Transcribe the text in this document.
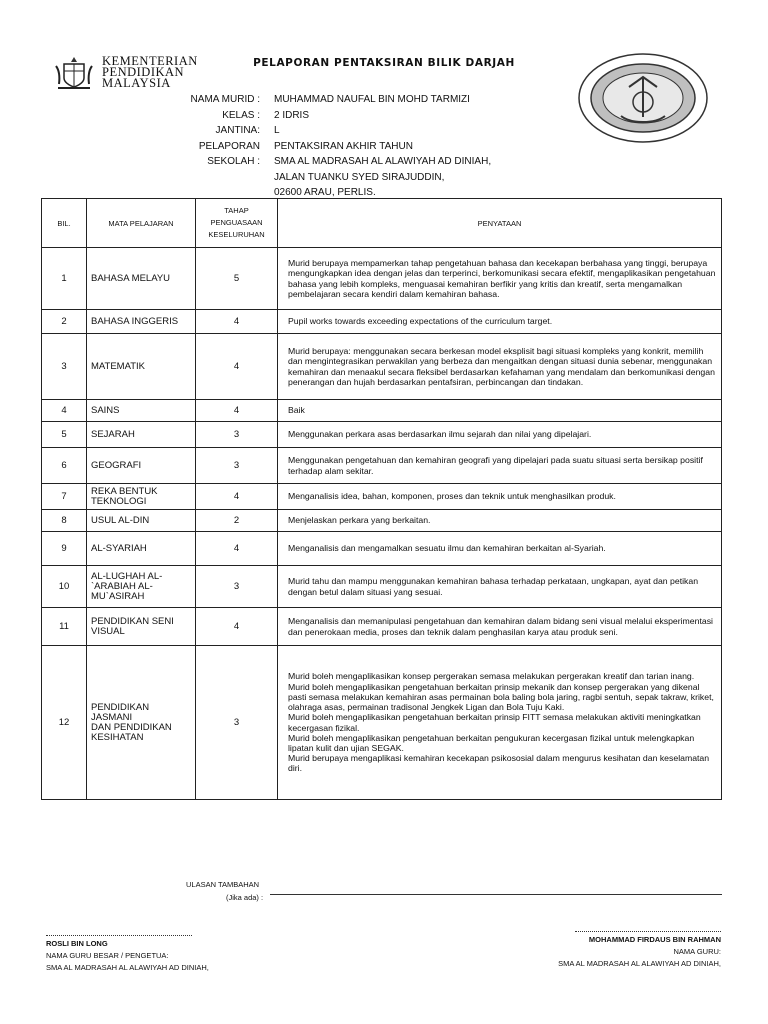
KEMENTERIAN
PENDIDIKAN
MALAYSIA
PELAPORAN PENTAKSIRAN BILIK DARJAH
NAMA MURID : MUHAMMAD NAUFAL BIN MOHD TARMIZI
KELAS : 2 IDRIS
JANTINA: L
PELAPORAN PENTAKSIRAN AKHIR TAHUN
SEKOLAH : SMA AL MADRASAH AL ALAWIYAH AD DINIAH,
JALAN TUANKU SYED SIRAJUDDIN,
02600 ARAU, PERLIS.
BIL.	MATA PELAJARAN	TAHAP
PENGUASAAN
KESELURUHAN	PENYATAAN
1	BAHASA MELAYU	5	Murid berupaya mempamerkan tahap pengetahuan bahasa dan kecekapan berbahasa yang tinggi, berupaya mengungkapkan idea dengan jelas dan terperinci, berkomunikasi secara efektif, mengaplikasikan pengetahuan bahasa yang lebih kompleks, menguasai kemahiran berfikir yang kritis dan kreatif, serta mengamalkan pembelajaran secara kendiri dalam kemahiran bahasa.
2	BAHASA INGGERIS	4	Pupil works towards exceeding expectations of the curriculum target.
3	MATEMATIK	4	Murid berupaya: menggunakan secara berkesan model eksplisit bagi situasi kompleks yang konkrit, memilih dan mengintegrasikan perwakilan yang berbeza dan mengaitkan dengan situasi dunia sebenar, menggunakan kemahiran dan menaakul secara fleksibel berdasarkan kefahaman yang mendalam dan berkomunikasi dengan penerangan dan hujah berdasarkan pentafsiran, perbincangan dan tindakan.
4	SAINS	4	Baik
5	SEJARAH	3	Menggunakan perkara asas berdasarkan ilmu sejarah dan nilai yang dipelajari.
6	GEOGRAFI	3	Menggunakan pengetahuan dan kemahiran geografi yang dipelajari pada suatu situasi serta bersikap positif terhadap alam sekitar.
7	REKA BENTUK TEKNOLOGI	4	Menganalisis idea, bahan, komponen, proses dan teknik untuk menghasilkan produk.
8	USUL AL-DIN	2	Menjelaskan perkara yang berkaitan.
9	AL-SYARIAH	4	Menganalisis dan mengamalkan sesuatu ilmu dan kemahiran berkaitan al-Syariah.
10	AL-LUGHAH AL-`ARABIAH AL-MU`ASIRAH	3	Murid tahu dan mampu menggunakan kemahiran bahasa terhadap perkataan, ungkapan, ayat dan petikan dengan betul dalam situasi yang sesuai.
11	PENDIDIKAN SENI VISUAL	4	Menganalisis dan memanipulasi pengetahuan dan kemahiran dalam bidang seni visual melalui eksperimentasi dan penerokaan media, proses dan teknik dalam penghasilan karya atau produk seni.
12	PENDIDIKAN JASMANI
DAN PENDIDIKAN KESIHATAN	3	Murid boleh mengaplikasikan konsep pergerakan semasa melakukan pergerakan kreatif dan tarian inang.
Murid boleh mengaplikasikan pengetahuan berkaitan prinsip mekanik dan konsep pergerakan yang dikenal pasti semasa melakukan kemahiran asas permainan bola baling bola jaring, ragbi sentuh, sepak takraw, kriket, olahraga asas, permainan tradisonal Jengkek Ligan dan Bola Tuju Kaki.
Murid boleh mengaplikasikan pengetahuan berkaitan prinsip FITT semasa melakukan aktiviti meningkatkan kecergasan fizikal.
Murid boleh mengaplikasikan pengetahuan berkaitan pengukuran kecergasan fizikal untuk melengkapkan lipatan kulit dan ujian SEGAK.
Murid berupaya mengaplikasi kemahiran kecekapan psikososial dalam mengurus kesihatan dan keselamatan diri.
ULASAN TAMBAHAN
(Jika ada) :
ROSLI BIN LONG
NAMA GURU BESAR / PENGETUA:
SMA AL MADRASAH AL ALAWIYAH AD DINIAH,
MOHAMMAD FIRDAUS BIN RAHMAN
NAMA GURU:
SMA AL MADRASAH AL ALAWIYAH AD DINIAH,
